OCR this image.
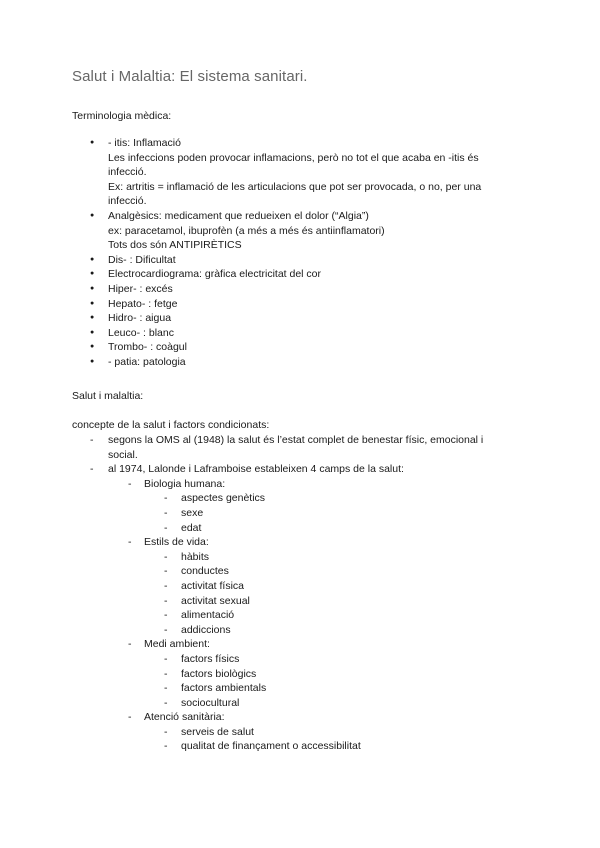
Salut i Malaltia: El sistema sanitari.
Terminologia mèdica:
● - itis: Inflamació
Les infeccions poden provocar inflamacions, però no tot el que acaba en -itis és
infecció.
Ex: artritis = inflamació de les articulacions que pot ser provocada, o no, per una
infecció.
● Analgèsics: medicament que redueixen el dolor (“Algia”)
ex: paracetamol, ibuprofèn (a més a més és antiinflamatori)
Tots dos són ANTIPIRÈTICS
● Dis- : Dificultat
● Electrocardiograma: gràfica electricitat del cor
● Hiper- : excés
● Hepato- : fetge
● Hidro- : aigua
● Leuco- : blanc
● Trombo- : coàgul
● - patia: patologia
Salut i malaltia:
concepte de la salut i factors condicionats:
- segons la OMS al (1948) la salut és l’estat complet de benestar físic, emocional i
social.
- al 1974, Lalonde i Laframboise estableixen 4 camps de la salut:
- Biologia humana:
- aspectes genètics
- sexe
- edat
- Estils de vida:
- hàbits
- conductes
- activitat física
- activitat sexual
- alimentació
- addiccions
- Medi ambient:
- factors físics
- factors biològics
- factors ambientals
- sociocultural
- Atenció sanitària:
- serveis de salut
- qualitat de finançament o accessibilitat
